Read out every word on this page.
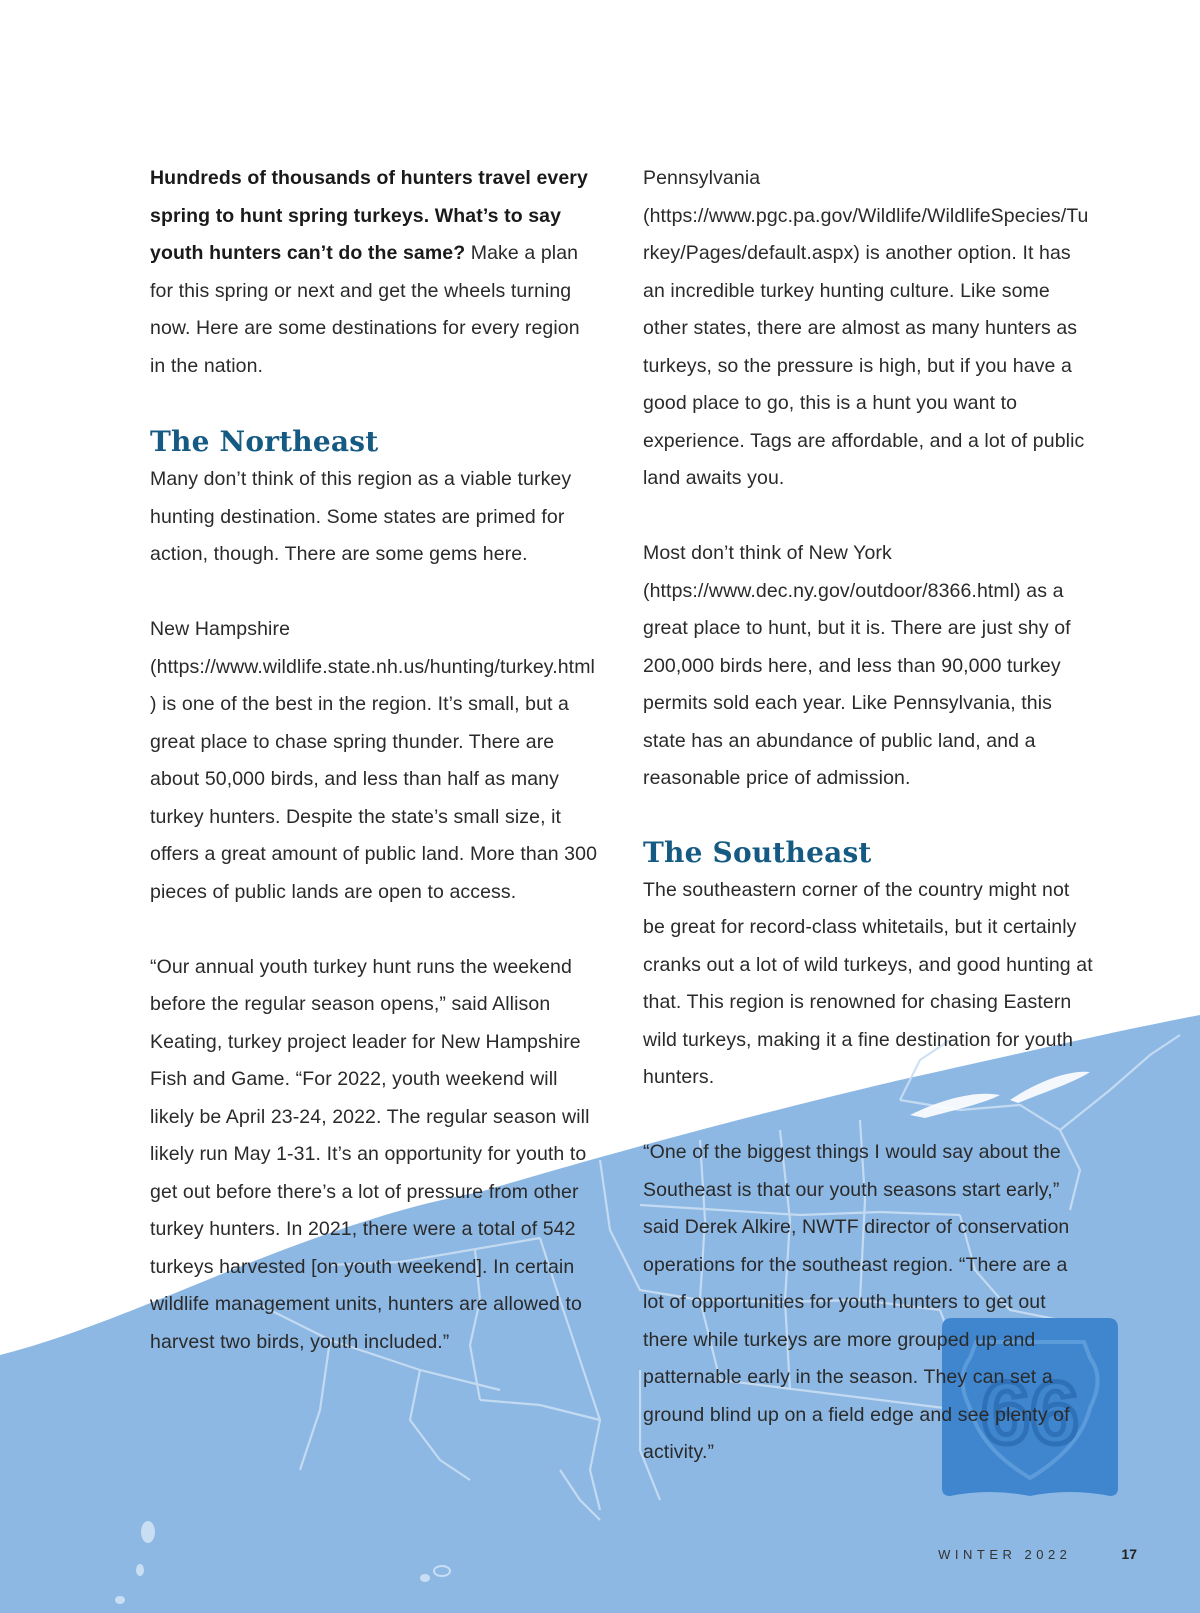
66

Hundreds of thousands of hunters travel every spring to hunt spring turkeys. What’s to say youth hunters can’t do the same? Make a plan for this spring or next and get the wheels turning now. Here are some destinations for every region in the nation.

The Northeast

Many don’t think of this region as a viable turkey hunting destination. Some states are primed for action, though. There are some gems here.

New Hampshire (https://www.wildlife.state.nh.us/hunting/turkey.html) is one of the best in the region. It’s small, but a great place to chase spring thunder. There are about 50,000 birds, and less than half as many turkey hunters. Despite the state’s small size, it offers a great amount of public land. More than 300 pieces of public lands are open to access.

“Our annual youth turkey hunt runs the weekend before the regular season opens,” said Allison Keating, turkey project leader for New Hampshire Fish and Game. “For 2022, youth weekend will likely be April 23-24, 2022. The regular season will likely run May 1-31. It’s an opportunity for youth to get out before there’s a lot of pressure from other turkey hunters. In 2021, there were a total of 542 turkeys harvested [on youth weekend]. In certain wildlife management units, hunters are allowed to harvest two birds, youth included.”

Pennsylvania (https://www.pgc.pa.gov/Wildlife/WildlifeSpecies/Turkey/Pages/default.aspx) is another option. It has an incredible turkey hunting culture. Like some other states, there are almost as many hunters as turkeys, so the pressure is high, but if you have a good place to go, this is a hunt you want to experience. Tags are affordable, and a lot of public land awaits you.

Most don’t think of New York (https://www.dec.ny.gov/outdoor/8366.html) as a great place to hunt, but it is. There are just shy of 200,000 birds here, and less than 90,000 turkey permits sold each year. Like Pennsylvania, this state has an abundance of public land, and a reasonable price of admission.

The Southeast

The southeastern corner of the country might not be great for record-class whitetails, but it certainly cranks out a lot of wild turkeys, and good hunting at that. This region is renowned for chasing Eastern wild turkeys, making it a fine destination for youth hunters.

“One of the biggest things I would say about the Southeast is that our youth seasons start early,” said Derek Alkire, NWTF director of conservation operations for the southeast region. “There are a lot of opportunities for youth hunters to get out there while turkeys are more grouped up and patternable early in the season. They can set a ground blind up on a field edge and see plenty of activity.”

WINTER 2022	17
